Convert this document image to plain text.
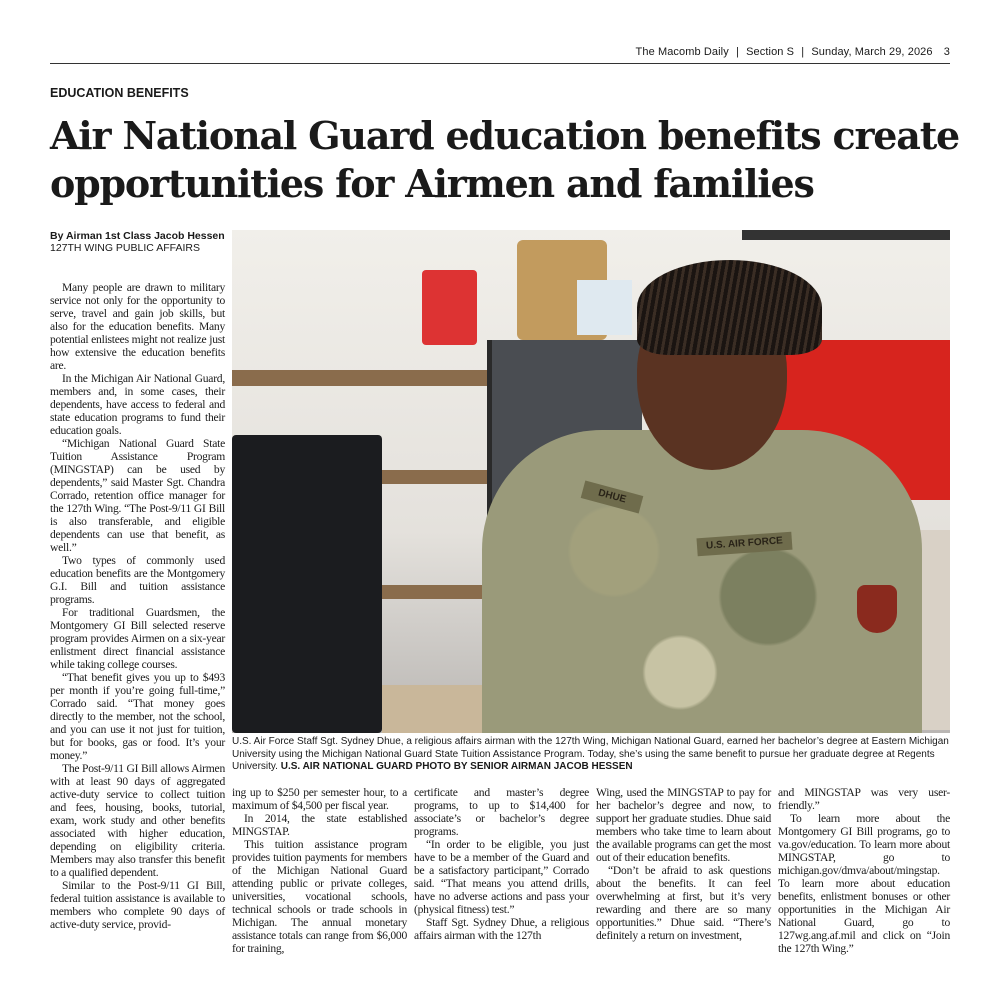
The Macomb Daily | Section S | Sunday, March 29, 2026 3
EDUCATION BENEFITS
Air National Guard education benefits create opportunities for Airmen and families
By Airman 1st Class Jacob Hessen
127TH WING PUBLIC AFFAIRS
DHUE
U.S. AIR FORCE
U.S. Air Force Staff Sgt. Sydney Dhue, a religious affairs airman with the 127th Wing, Michigan National Guard, earned her bachelor’s degree at Eastern Michigan University using the Michigan National Guard State Tuition Assistance Program. Today, she’s using the same benefit to pursue her graduate degree at Regents University. U.S. AIR NATIONAL GUARD PHOTO BY SENIOR AIRMAN JACOB HESSEN

Many people are drawn to military service not only for the opportunity to serve, travel and gain job skills, but also for the education benefits. Many potential enlistees might not realize just how extensive the education benefits are.

In the Michigan Air National Guard, members and, in some cases, their dependents, have access to federal and state education programs to fund their education goals.

“Michigan National Guard State Tuition Assistance Program (MINGSTAP) can be used by dependents,” said Master Sgt. Chandra Corrado, retention office manager for the 127th Wing. “The Post-9/11 GI Bill is also transferable, and eligible dependents can use that benefit, as well.”

Two types of commonly used education benefits are the Montgomery G.I. Bill and tuition assistance programs.

For traditional Guardsmen, the Montgomery GI Bill selected reserve program provides Airmen on a six-year enlistment direct financial assistance while taking college courses.

“That benefit gives you up to $493 per month if you’re going full-time,” Corrado said. “That money goes directly to the member, not the school, and you can use it not just for tuition, but for books, gas or food. It’s your money.”

The Post-9/11 GI Bill allows Airmen with at least 90 days of aggregated active-duty service to collect tuition and fees, housing, books, tutorial, exam, work study and other benefits associated with higher education, depending on eligibility criteria. Members may also transfer this benefit to a qualified dependent.

Similar to the Post-9/11 GI Bill, federal tuition assistance is available to members who complete 90 days of active-duty service, provid-

ing up to $250 per semester hour, to a maximum of $4,500 per fiscal year.

In 2014, the state established MINGSTAP.

This tuition assistance program provides tuition payments for members of the Michigan National Guard attending public or private colleges, universities, vocational schools, technical schools or trade schools in Michigan. The annual monetary assistance totals can range from $6,000 for training,

certificate and master’s degree programs, to up to $14,400 for associate’s or bachelor’s degree programs.

“In order to be eligible, you just have to be a member of the Guard and be a satisfactory participant,” Corrado said. “That means you attend drills, have no adverse actions and pass your (physical fitness) test.”

Staff Sgt. Sydney Dhue, a religious affairs airman with the 127th

Wing, used the MINGSTAP to pay for her bachelor’s degree and now, to support her graduate studies. Dhue said members who take time to learn about the available programs can get the most out of their education benefits.

“Don’t be afraid to ask questions about the benefits. It can feel overwhelming at first, but it’s very rewarding and there are so many opportunities.” Dhue said. “There’s definitely a return on investment,

and MINGSTAP was very user-friendly.”

To learn more about the Montgomery GI Bill programs, go to va.gov/education. To learn more about MINGSTAP, go to michigan.gov/dmva/about/mingstap. To learn more about education benefits, enlistment bonuses or other opportunities in the Michigan Air National Guard, go to 127wg.ang.af.mil and click on “Join the 127th Wing.”
